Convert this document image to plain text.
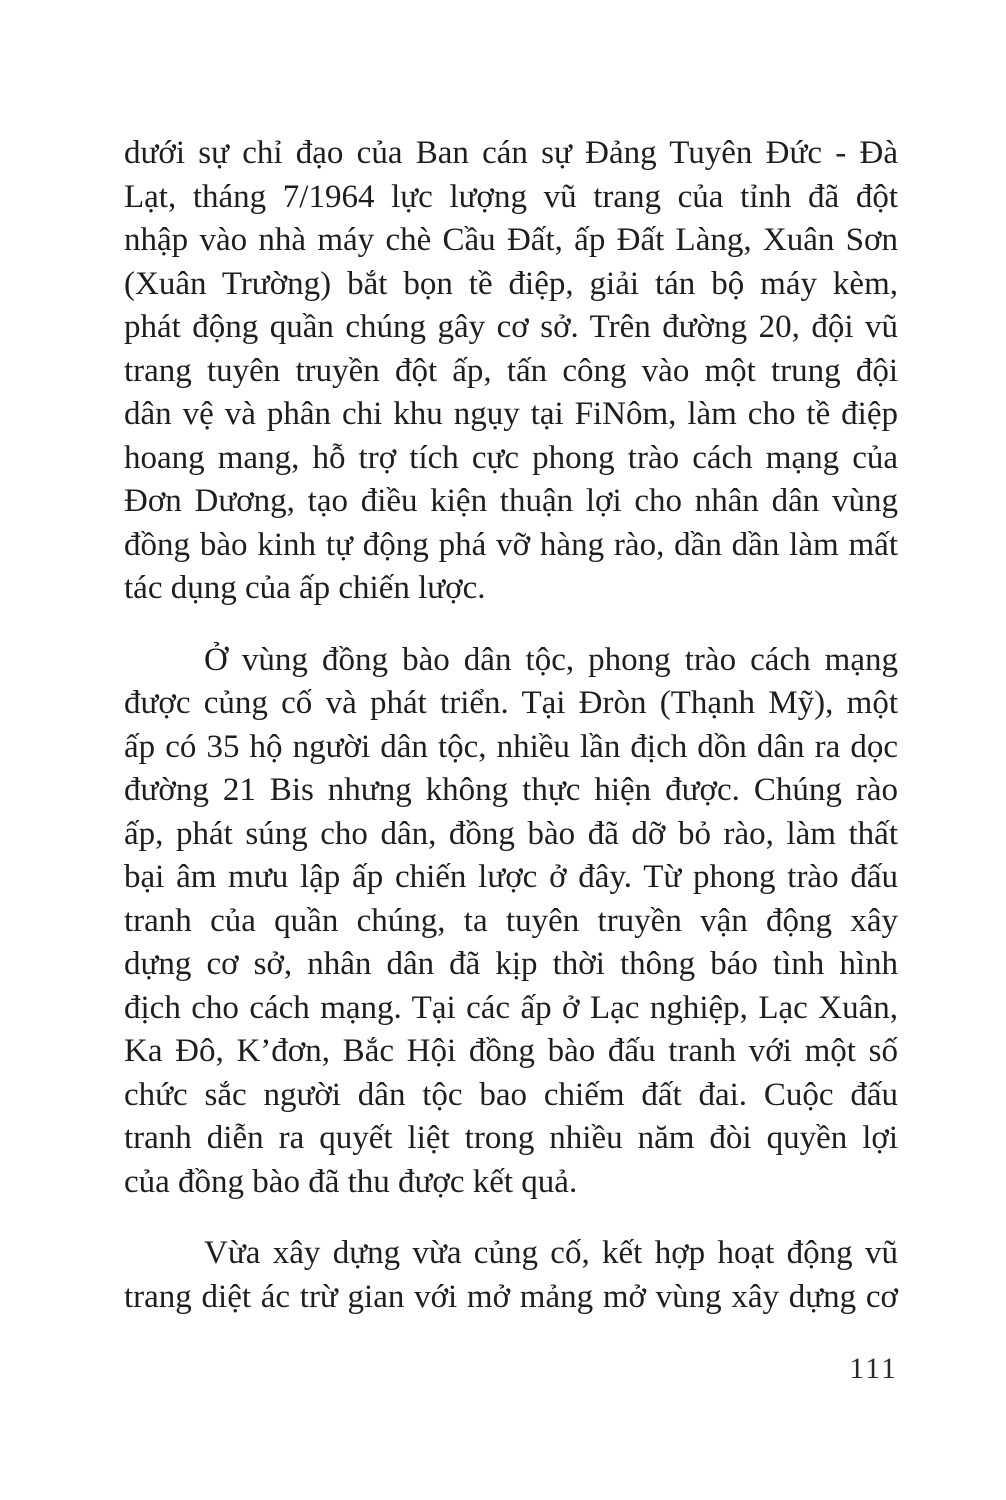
dưới sự chỉ đạo của Ban cán sự Đảng Tuyên Đức - Đà
Lạt, tháng 7/1964 lực lượng vũ trang của tỉnh đã đột
nhập vào nhà máy chè Cầu Đất, ấp Đất Làng, Xuân Sơn
(Xuân Trường) bắt bọn tề điệp, giải tán bộ máy kèm,
phát động quần chúng gây cơ sở. Trên đường 20, đội vũ
trang tuyên truyền đột ấp, tấn công vào một trung đội
dân vệ và phân chi khu ngụy tại FiNôm, làm cho tề điệp
hoang mang, hỗ trợ tích cực phong trào cách mạng của
Đơn Dương, tạo điều kiện thuận lợi cho nhân dân vùng
đồng bào kinh tự động phá vỡ hàng rào, dần dần làm mất
tác dụng của ấp chiến lược.

Ở vùng đồng bào dân tộc, phong trào cách mạng
được củng cố và phát triển. Tại Đròn (Thạnh Mỹ), một
ấp có 35 hộ người dân tộc, nhiều lần địch dồn dân ra dọc
đường 21 Bis nhưng không thực hiện được. Chúng rào
ấp, phát súng cho dân, đồng bào đã dỡ bỏ rào, làm thất
bại âm mưu lập ấp chiến lược ở đây. Từ phong trào đấu
tranh của quần chúng, ta tuyên truyền vận động xây
dựng cơ sở, nhân dân đã kịp thời thông báo tình hình
địch cho cách mạng. Tại các ấp ở Lạc nghiệp, Lạc Xuân,
Ka Đô, K’đơn, Bắc Hội đồng bào đấu tranh với một số
chức sắc người dân tộc bao chiếm đất đai. Cuộc đấu
tranh diễn ra quyết liệt trong nhiều năm đòi quyền lợi
của đồng bào đã thu được kết quả.

Vừa xây dựng vừa củng cố, kết hợp hoạt động vũ
trang diệt ác trừ gian với mở mảng mở vùng xây dựng cơ

111
